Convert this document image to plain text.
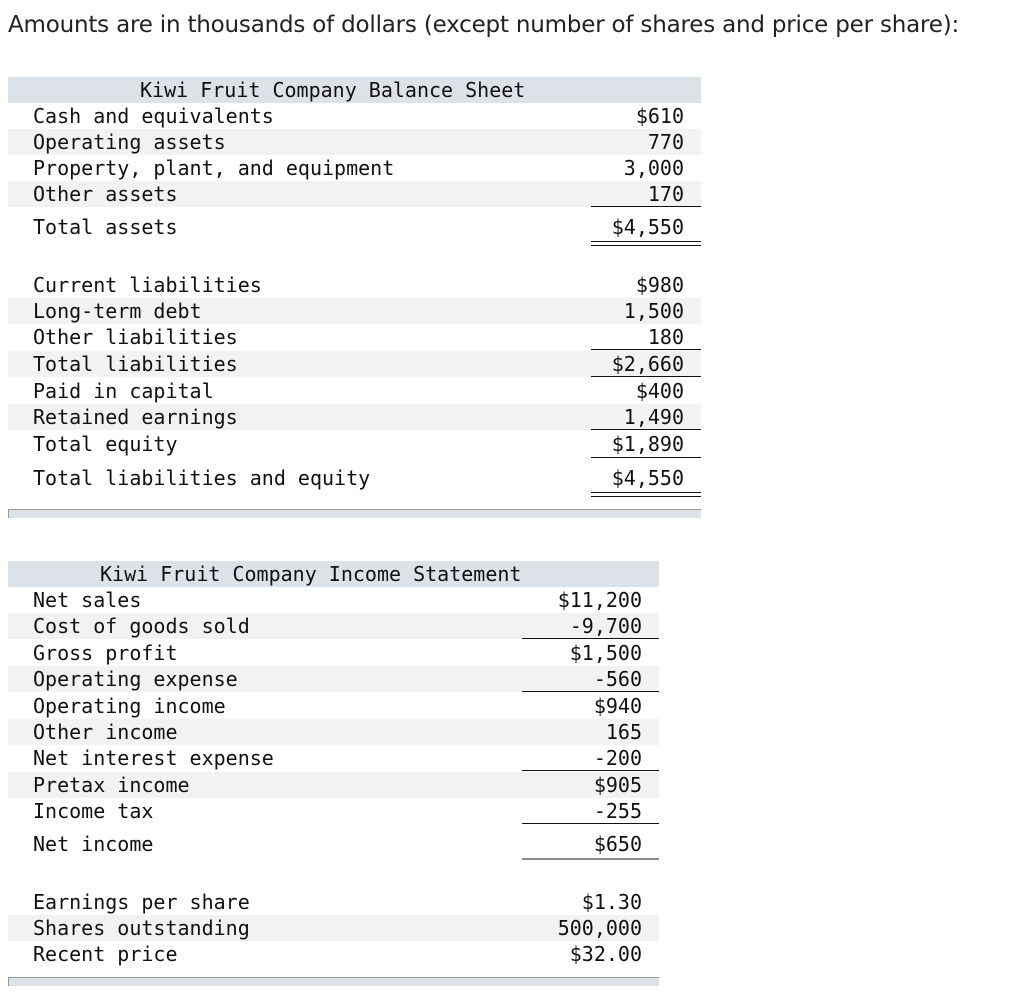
Amounts are in thousands of dollars (except number of shares and price per share):
Kiwi Fruit Company Balance Sheet
Cash and equivalents	$610
Operating assets	770
Property, plant, and equipment	3,000
Other assets	170
Total assets	$4,550
Current liabilities	$980
Long-term debt	1,500
Other liabilities	180
Total liabilities	$2,660
Paid in capital	$400
Retained earnings	1,490
Total equity	$1,890
Total liabilities and equity	$4,550
Kiwi Fruit Company Income Statement
Net sales	$11,200
Cost of goods sold	-9,700
Gross profit	$1,500
Operating expense	-560
Operating income	$940
Other income	165
Net interest expense	-200
Pretax income	$905
Income tax	-255
Net income	$650
Earnings per share	$1.30
Shares outstanding	500,000
Recent price	$32.00
